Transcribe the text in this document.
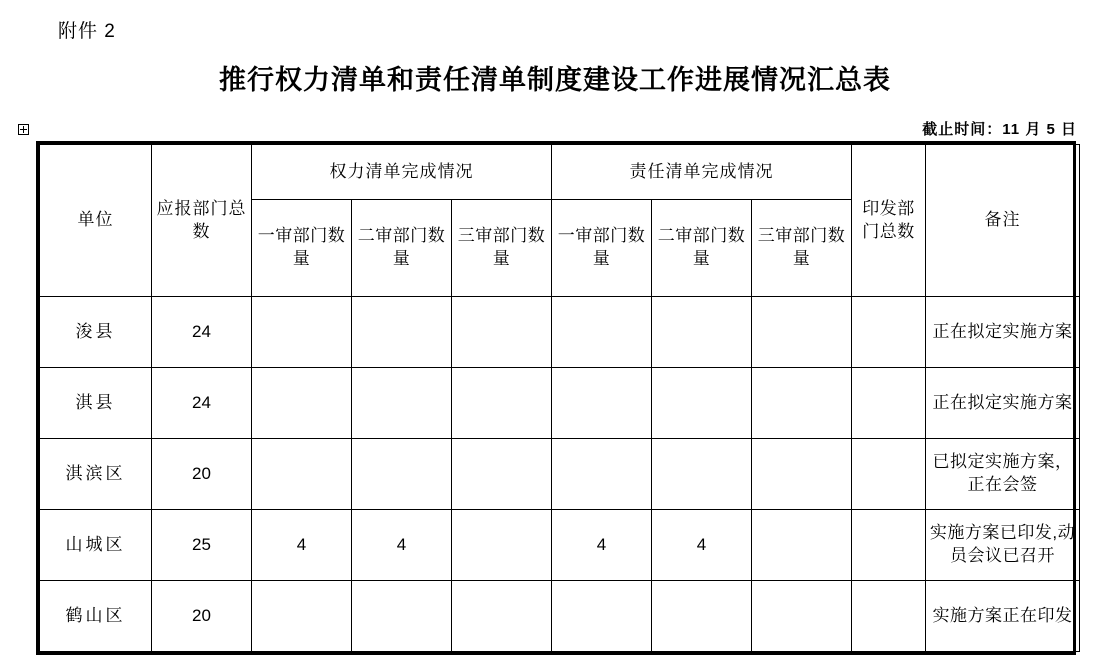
附件 2
推行权力清单和责任清单制度建设工作进展情况汇总表
截止时间：11 月 5 日
单位	应报部门总数	权力清单完成情况			责任清单完成情况			印发部门总数	备注
		一审部门数量	二审部门数量	三审部门数量	一审部门数量	二审部门数量	三审部门数量		
浚县	24								正在拟定实施方案
淇县	24								正在拟定实施方案
淇滨区	20								已拟定实施方案，正在会签
山城区	25	4	4		4	4			实施方案已印发,动员会议已召开
鹤山区	20								实施方案正在印发
